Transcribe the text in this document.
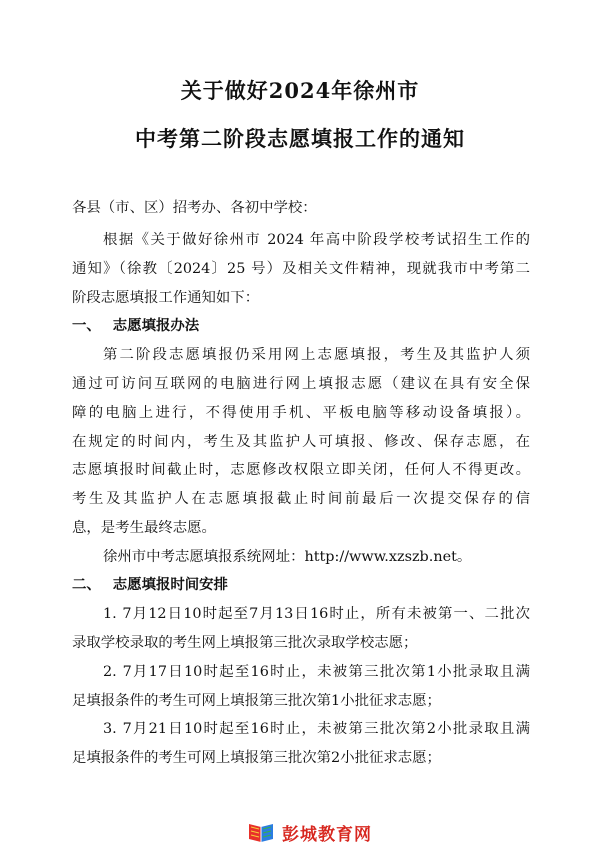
关于做好2024年徐州市
中考第二阶段志愿填报工作的通知
各县（市、区）招考办、各初中学校：
根据《关于做好徐州市 2024 年高中阶段学校考试招生工作的
通知》（徐教〔2024〕25 号）及相关文件精神，现就我市中考第二
阶段志愿填报工作通知如下：
一、 志愿填报办法
第二阶段志愿填报仍采用网上志愿填报，考生及其监护人须
通过可访问互联网的电脑进行网上填报志愿（建议在具有安全保
障的电脑上进行，不得使用手机、平板电脑等移动设备填报）。
在规定的时间内，考生及其监护人可填报、修改、保存志愿，在
志愿填报时间截止时，志愿修改权限立即关闭，任何人不得更改。
考生及其监护人在志愿填报截止时间前最后一次提交保存的信
息，是考生最终志愿。
徐州市中考志愿填报系统网址：http://www.xzszb.net。
二、 志愿填报时间安排
1. 7月12日10时起至7月13日16时止，所有未被第一、二批次
录取学校录取的考生网上填报第三批次录取学校志愿；
2. 7月17日10时起至16时止，未被第三批次第1小批录取且满
足填报条件的考生可网上填报第三批次第1小批征求志愿；
3. 7月21日10时起至16时止，未被第三批次第2小批录取且满
足填报条件的考生可网上填报第三批次第2小批征求志愿；
彭城教育网
